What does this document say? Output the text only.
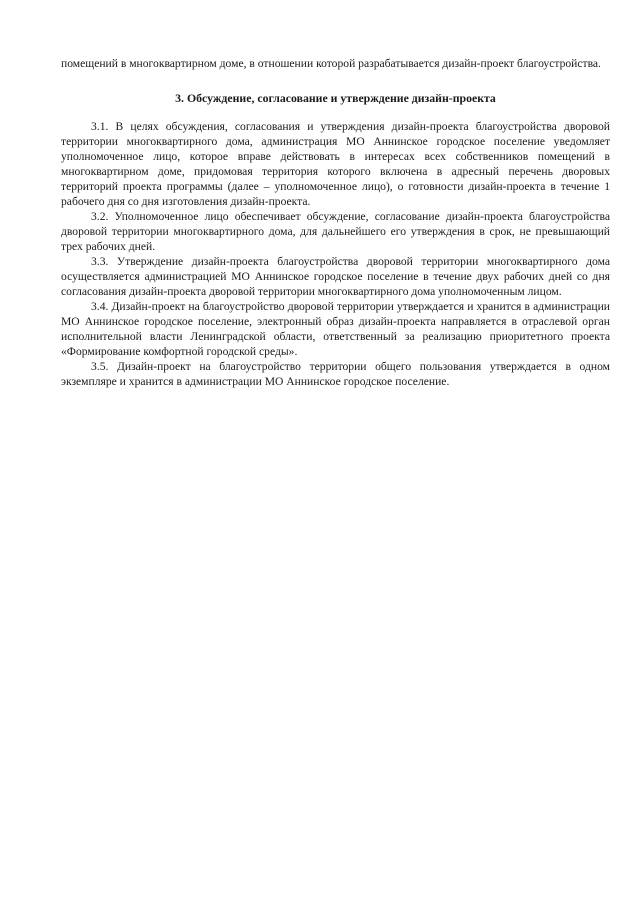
помещений в многоквартирном доме, в отношении которой разрабатывается дизайн-проект благоустройства.

3. Обсуждение, согласование и утверждение дизайн-проекта

3.1. В целях обсуждения, согласования и утверждения дизайн-проекта благоустройства дворовой территории многоквартирного дома, администрация МО Аннинское городское поселение уведомляет уполномоченное лицо, которое вправе действовать в интересах всех собственников помещений в многоквартирном доме, придомовая территория которого включена в адресный перечень дворовых территорий проекта программы (далее – уполномоченное лицо), о готовности дизайн-проекта в течение 1 рабочего дня со дня изготовления дизайн-проекта.

3.2. Уполномоченное лицо обеспечивает обсуждение, согласование дизайн-проекта благоустройства дворовой территории многоквартирного дома, для дальнейшего его утверждения в срок, не превышающий трех рабочих дней.

3.3. Утверждение дизайн-проекта благоустройства дворовой территории многоквартирного дома осуществляется администрацией МО Аннинское городское поселение в течение двух рабочих дней со дня согласования дизайн-проекта дворовой территории многоквартирного дома уполномоченным лицом.

3.4. Дизайн-проект на благоустройство дворовой территории утверждается и хранится в администрации МО Аннинское городское поселение, электронный образ дизайн-проекта направляется в отраслевой орган исполнительной власти Ленинградской области, ответственный за реализацию приоритетного проекта «Формирование комфортной городской среды».

3.5. Дизайн-проект на благоустройство территории общего пользования утверждается в одном экземпляре и хранится в администрации МО Аннинское городское поселение.
